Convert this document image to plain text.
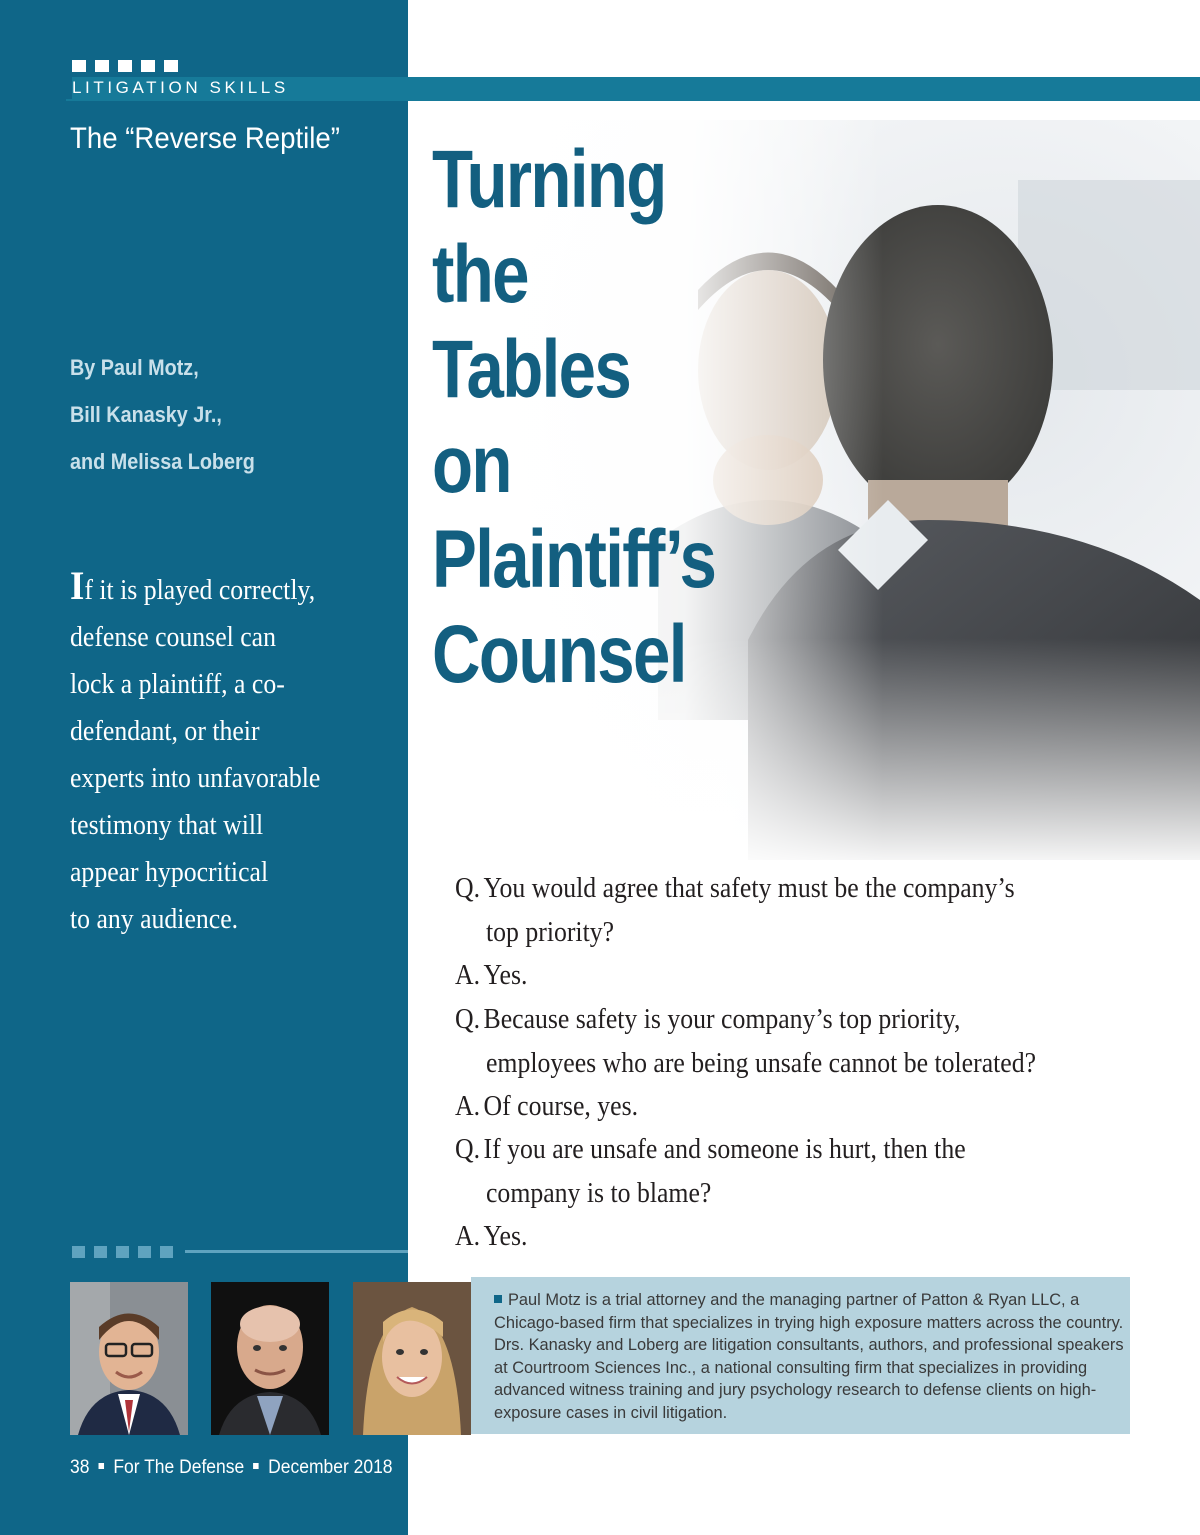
LITIGATION SKILLS
The “Reverse Reptile”
By Paul Motz,
Bill Kanasky Jr.,
and Melissa Loberg
If it is played correctly,
defense counsel can
lock a plaintiff, a co-
defendant, or their
experts into unfavorable
testimony that will
appear hypocritical
to any audience.
Turning
the
Tables
on
Plaintiff’s
Counsel
Q. You would agree that safety must be the company’s
top priority?
A. Yes.
Q. Because safety is your company’s top priority,
employees who are being unsafe cannot be tolerated?
A. Of course, yes.
Q. If you are unsafe and someone is hurt, then the
company is to blame?
A. Yes.
Paul Motz is a trial attorney and the managing partner of Patton & Ryan LLC, a Chicago-based firm that specializes in trying high exposure matters across the country. Drs. Kanasky and Loberg are litigation consultants, authors, and professional speakers at Courtroom Sciences Inc., a national consulting firm that specializes in providing advanced witness training and jury psychology research to defense clients on high-exposure cases in civil litigation.
38 For The Defense December 2018
